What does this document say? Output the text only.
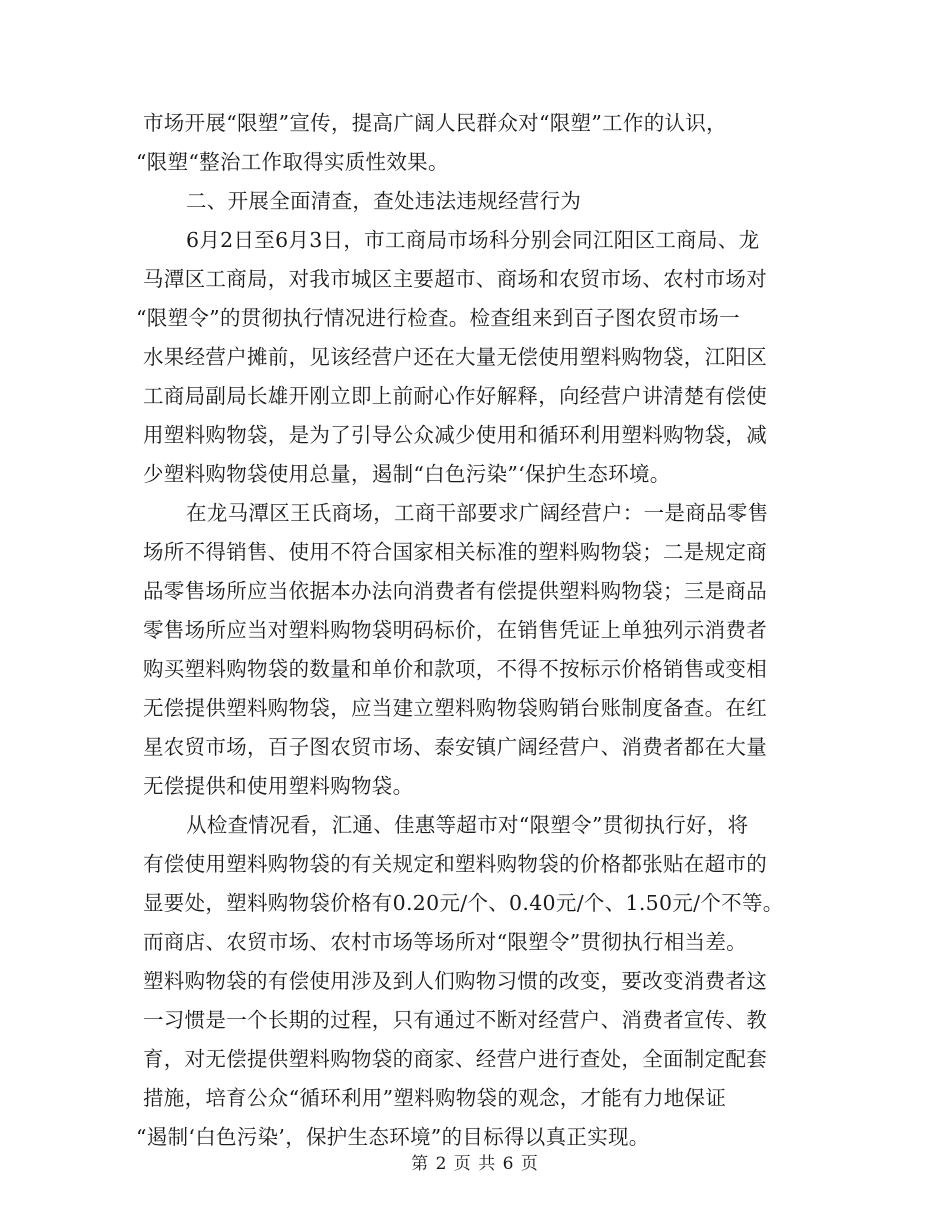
市场开展“限塑”宣传，提高广阔人民群众对“限塑”工作的认识，
“限塑“整治工作取得实质性效果。
二、开展全面清查，查处违法违规经营行为
6月2日至6月3日，市工商局市场科分别会同江阳区工商局、龙
马潭区工商局，对我市城区主要超市、商场和农贸市场、农村市场对
“限塑令”的贯彻执行情况进行检查。检查组来到百子图农贸市场一
水果经营户摊前，见该经营户还在大量无偿使用塑料购物袋，江阳区
工商局副局长雄开刚立即上前耐心作好解释，向经营户讲清楚有偿使
用塑料购物袋，是为了引导公众减少使用和循环利用塑料购物袋，减
少塑料购物袋使用总量，遏制“白色污染”‘保护生态环境。
在龙马潭区王氏商场，工商干部要求广阔经营户：一是商品零售
场所不得销售、使用不符合国家相关标准的塑料购物袋；二是规定商
品零售场所应当依据本办法向消费者有偿提供塑料购物袋；三是商品
零售场所应当对塑料购物袋明码标价，在销售凭证上单独列示消费者
购买塑料购物袋的数量和单价和款项，不得不按标示价格销售或变相
无偿提供塑料购物袋，应当建立塑料购物袋购销台账制度备查。在红
星农贸市场，百子图农贸市场、泰安镇广阔经营户、消费者都在大量
无偿提供和使用塑料购物袋。
从检查情况看，汇通、佳惠等超市对“限塑令”贯彻执行好，将
有偿使用塑料购物袋的有关规定和塑料购物袋的价格都张贴在超市的
显要处，塑料购物袋价格有0.20元/个、0.40元/个、1.50元/个不等。
而商店、农贸市场、农村市场等场所对“限塑令”贯彻执行相当差。
塑料购物袋的有偿使用涉及到人们购物习惯的改变，要改变消费者这
一习惯是一个长期的过程，只有通过不断对经营户、消费者宣传、教
育，对无偿提供塑料购物袋的商家、经营户进行查处，全面制定配套
措施，培育公众“循环利用”塑料购物袋的观念，才能有力地保证
“遏制‘白色污染’，保护生态环境”的目标得以真正实现。
第 2 页 共 6 页
